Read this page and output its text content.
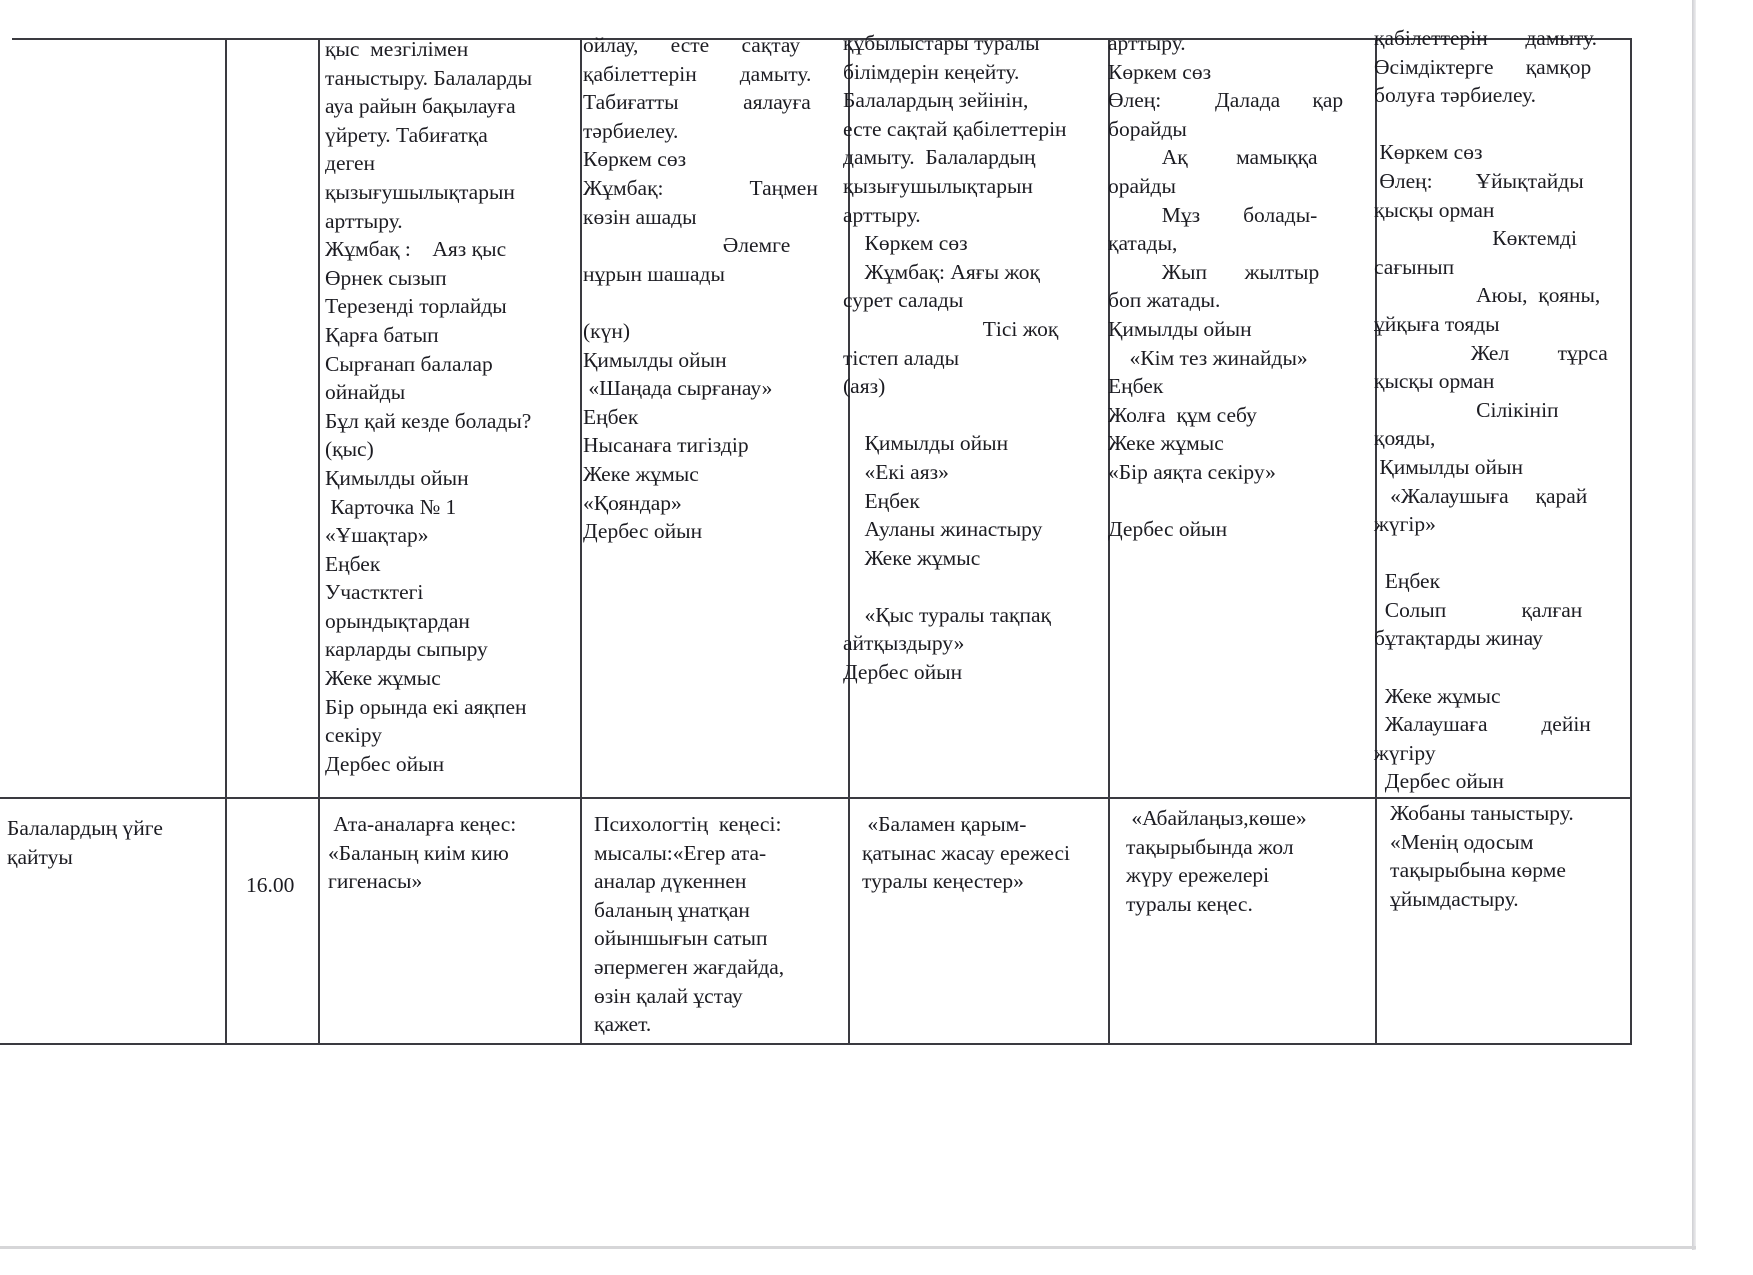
қыс  мезгілімен
таныстыру. Балаларды
ауа райын бақылауға
үйрету. Табиғатқа
деген
қызығушылықтарын
арттыру.
Жұмбақ :    Аяз қыс
Өрнек сызып
Терезенді торлайды
Қарға батып
Сырғанап балалар
ойнайды
Бұл қай кезде болады?
(қыс)
Қимылды ойын
Карточка № 1
«Ұшақтар»
Еңбек
Участктегі
орындықтардан
карларды сыпыру
Жеке жұмыс
Бір орында екі аяқпен
секіру
Дербес ойын
ойлау,      есте      сақтау
қабілеттерін        дамыту.
Табиғатты            аялауға
тәрбиелеу.
Көркем сөз
Жұмбақ:                Таңмен
көзін ашады
Әлемге
нұрын шашады
(күн)
Қимылды ойын
«Шаңада сырғанау»
Еңбек
Нысанаға тигіздір
Жеке жұмыс
«Қояндар»
Дербес ойын
құбылыстары туралы
білімдерін кеңейту.
Балалардың зейінін,
есте сақтай қабілеттерін
дамыту.  Балалардың
қызығушылықтарын
арттыру.
Көркем сөз
Жұмбақ: Аяғы жоқ
сурет салады
Тісі жоқ
тістеп алады
(аяз)
Қимылды ойын
«Екі аяз»
Еңбек
Ауланы жинастыру
Жеке жұмыс
«Қыс туралы тақпақ
айтқыздыру»
Дербес ойын
арттыру.
Көркем сөз
Өлең:          Далада      қар
борайды
Ақ         мамыққа
орайды
Мұз        болады-
қатады,
Жып       жылтыр
боп жатады.
Қимылды ойын
«Кім тез жинайды»
Еңбек
Жолға  құм себу
Жеке жұмыс
«Бір аяқта секіру»
Дербес ойын
қабілеттерін       дамыту.
Өсімдіктерге      қамқор
болуға тәрбиелеу.
Көркем сөз
Өлең:        Ұйықтайды
қысқы орман
Көктемді
сағынып
Аюы,  қояны,
ұйқыға тояды
Жел         тұрса
қысқы орман
Сілікініп
қояды,
Қимылды ойын
«Жалаушыға     қарай
жүгір»
Еңбек
Солып              қалған
бұтақтарды жинау
Жеке жұмыс
Жалаушаға          дейін
жүгіру
Дербес ойын
Балалардың үйге
қайтуы

16.00

Ата-аналарға кеңес:
«Баланың киім кию
гигенасы»
Психологтің  кеңесі:
мысалы:«Егер ата-
аналар дүкеннен
баланың ұнатқан
ойыншығын сатып
әпермеген жағдайда,
өзін қалай ұстау
қажет.
«Баламен қарым-
қатынас жасау ережесі
туралы кеңестер»
«Абайлаңыз,көше»
тақырыбында жол
жүру ережелері
туралы кеңес.
Жобаны таныстыру.
«Менің одосым
тақырыбына көрме
ұйымдастыру.
